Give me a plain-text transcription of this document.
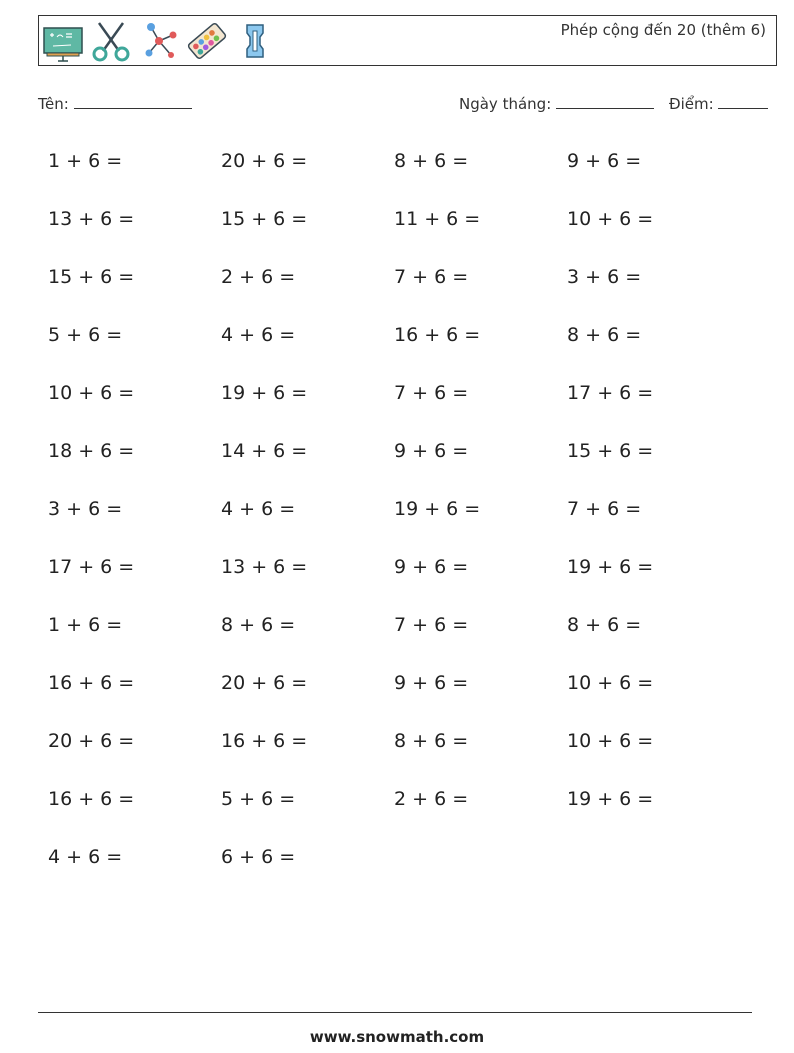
Phép cộng đến 20 (thêm 6)
Tên:	Ngày tháng:	Điểm:
1 + 6 =	20 + 6 =	8 + 6 =	9 + 6 =
13 + 6 =	15 + 6 =	11 + 6 =	10 + 6 =
15 + 6 =	2 + 6 =	7 + 6 =	3 + 6 =
5 + 6 =	4 + 6 =	16 + 6 =	8 + 6 =
10 + 6 =	19 + 6 =	7 + 6 =	17 + 6 =
18 + 6 =	14 + 6 =	9 + 6 =	15 + 6 =
3 + 6 =	4 + 6 =	19 + 6 =	7 + 6 =
17 + 6 =	13 + 6 =	9 + 6 =	19 + 6 =
1 + 6 =	8 + 6 =	7 + 6 =	8 + 6 =
16 + 6 =	20 + 6 =	9 + 6 =	10 + 6 =
20 + 6 =	16 + 6 =	8 + 6 =	10 + 6 =
16 + 6 =	5 + 6 =	2 + 6 =	19 + 6 =
4 + 6 =	6 + 6 =
www.snowmath.com
